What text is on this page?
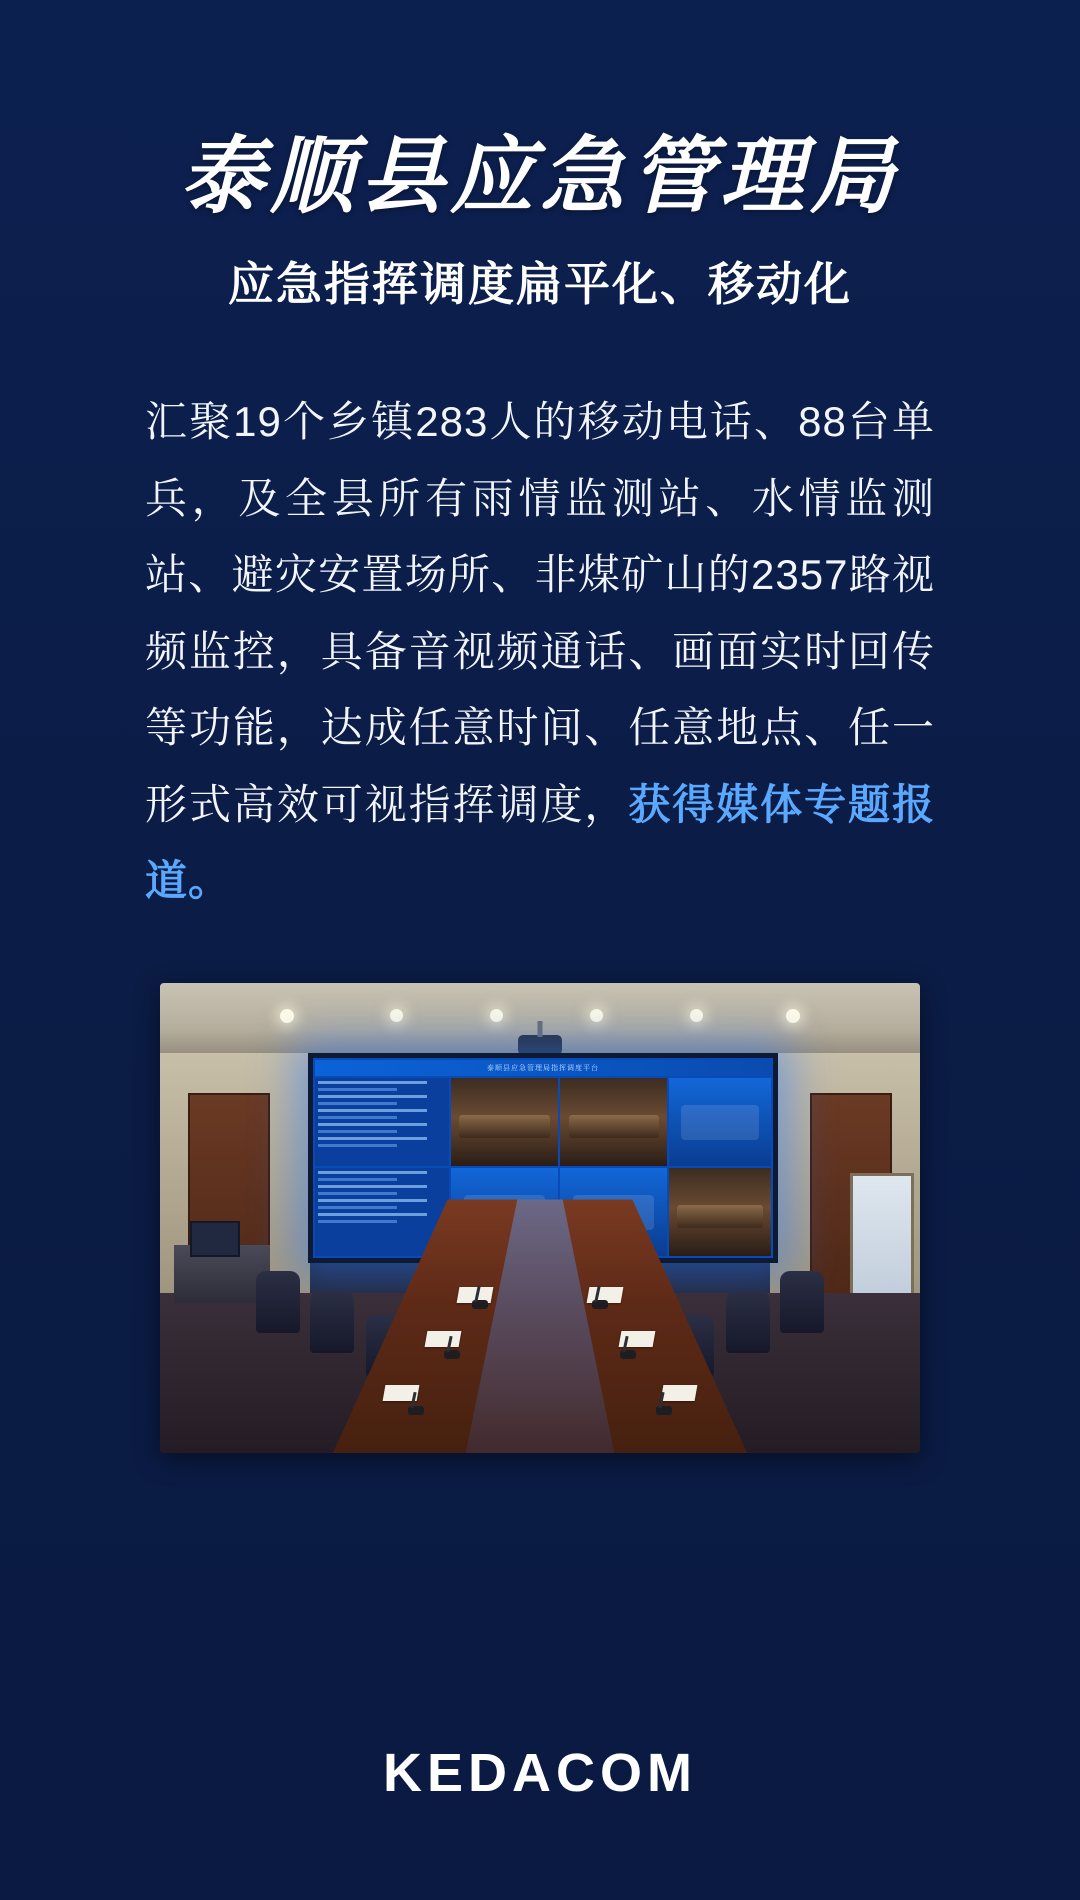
泰顺县应急管理局
应急指挥调度扁平化、移动化
汇聚19个乡镇283人的移动电话、88台单兵，及全县所有雨情监测站、水情监测站、避灾安置场所、非煤矿山的2357路视频监控，具备音视频通话、画面实时回传等功能，达成任意时间、任意地点、任一形式高效可视指挥调度，获得媒体专题报道。
泰顺县应急管理局指挥调度平台
KEDACOM
